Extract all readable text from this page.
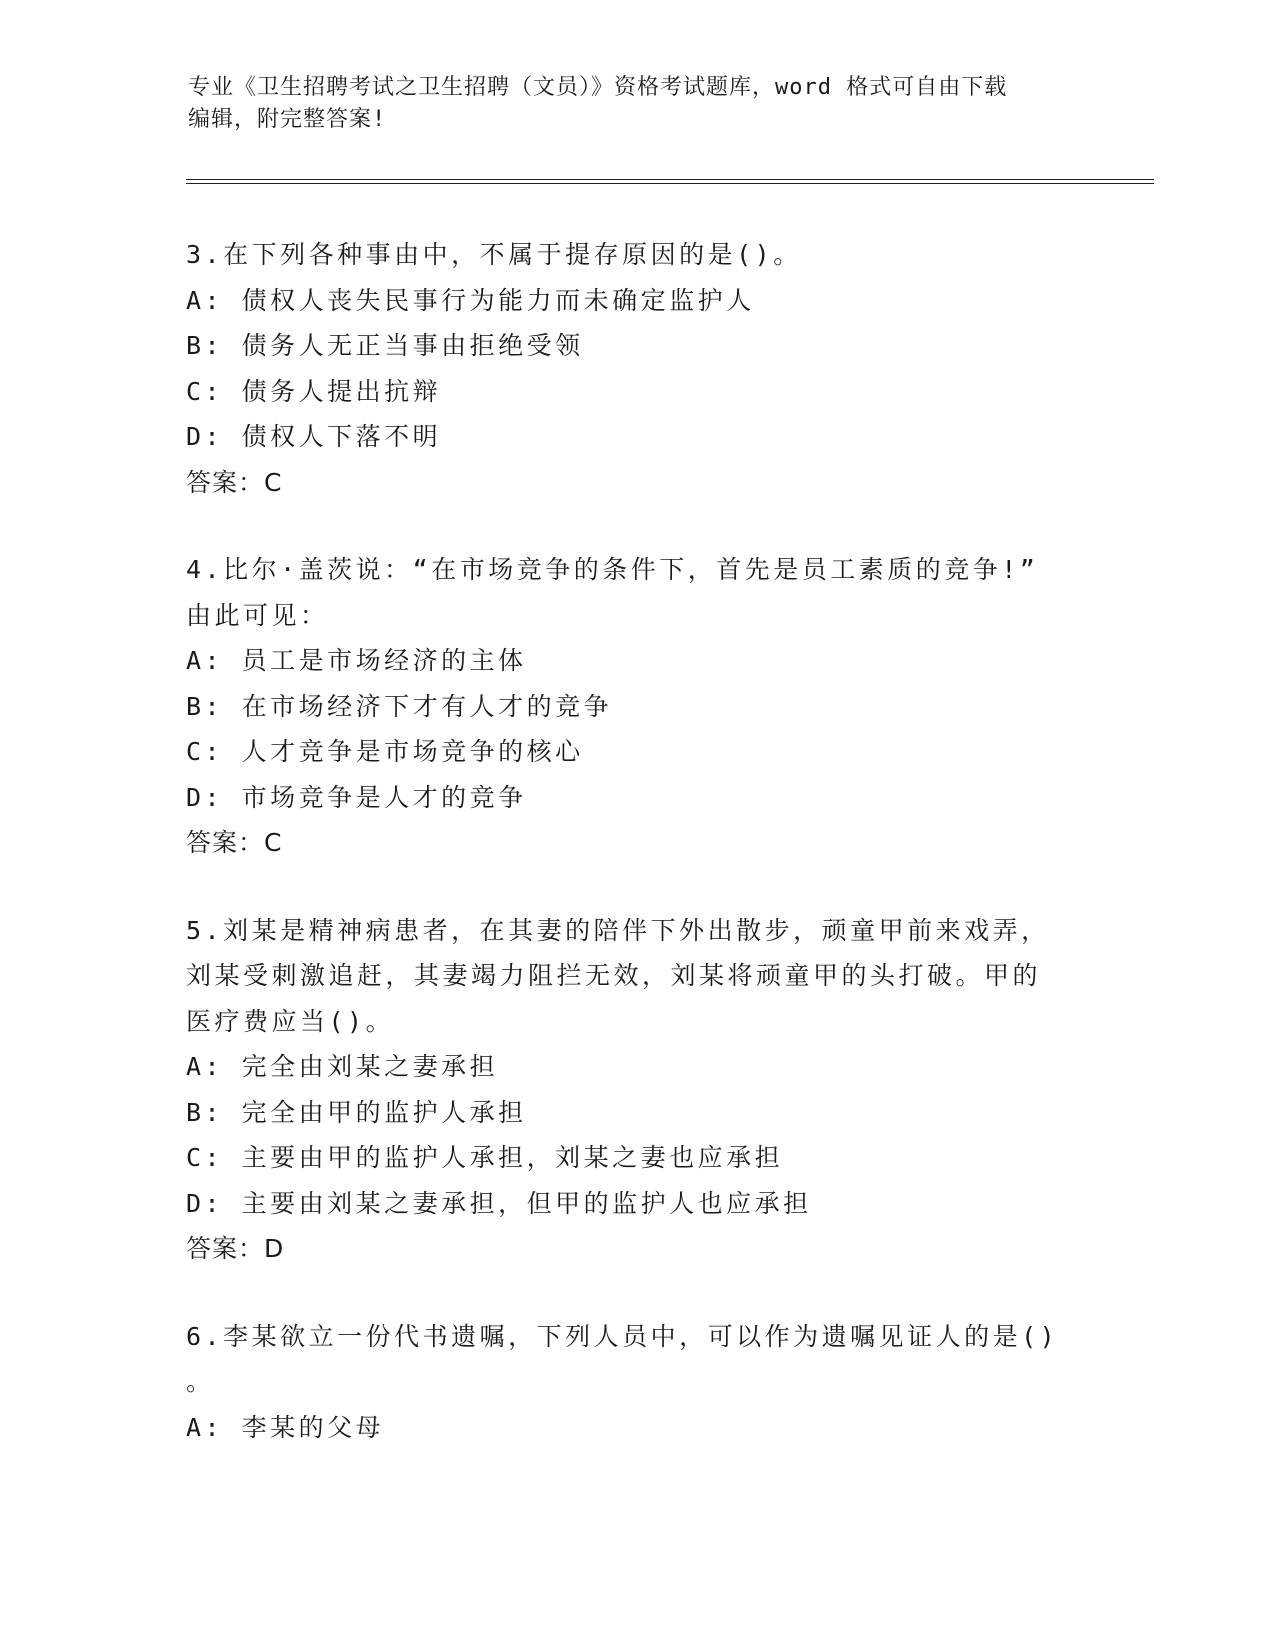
专业《卫生招聘考试之卫生招聘（文员）》资格考试题库，word 格式可自由下载
编辑，附完整答案!
3.在下列各种事由中，不属于提存原因的是()。
A: 债权人丧失民事行为能力而未确定监护人
B: 债务人无正当事由拒绝受领
C: 债务人提出抗辩
D: 债权人下落不明
答案：C
4.比尔·盖茨说：“在市场竞争的条件下，首先是员工素质的竞争!”
由此可见：
A: 员工是市场经济的主体
B: 在市场经济下才有人才的竞争
C: 人才竞争是市场竞争的核心
D: 市场竞争是人才的竞争
答案：C
5.刘某是精神病患者，在其妻的陪伴下外出散步，顽童甲前来戏弄，
刘某受刺激追赶，其妻竭力阻拦无效，刘某将顽童甲的头打破。甲的
医疗费应当()。
A: 完全由刘某之妻承担
B: 完全由甲的监护人承担
C: 主要由甲的监护人承担，刘某之妻也应承担
D: 主要由刘某之妻承担，但甲的监护人也应承担
答案：D
6.李某欲立一份代书遗嘱，下列人员中，可以作为遗嘱见证人的是()
。
A: 李某的父母
